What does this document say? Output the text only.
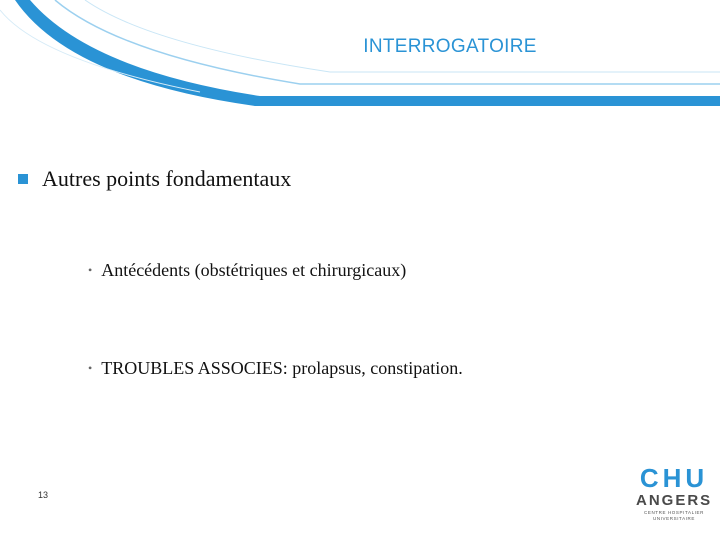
INTERROGATOIRE
Autres points fondamentaux
• Antécédents (obstétriques et chirurgicaux)
• TROUBLES ASSOCIES: prolapsus, constipation.
13
CHU
ANGERS
CENTRE HOSPITALIER
UNIVERSITAIRE
